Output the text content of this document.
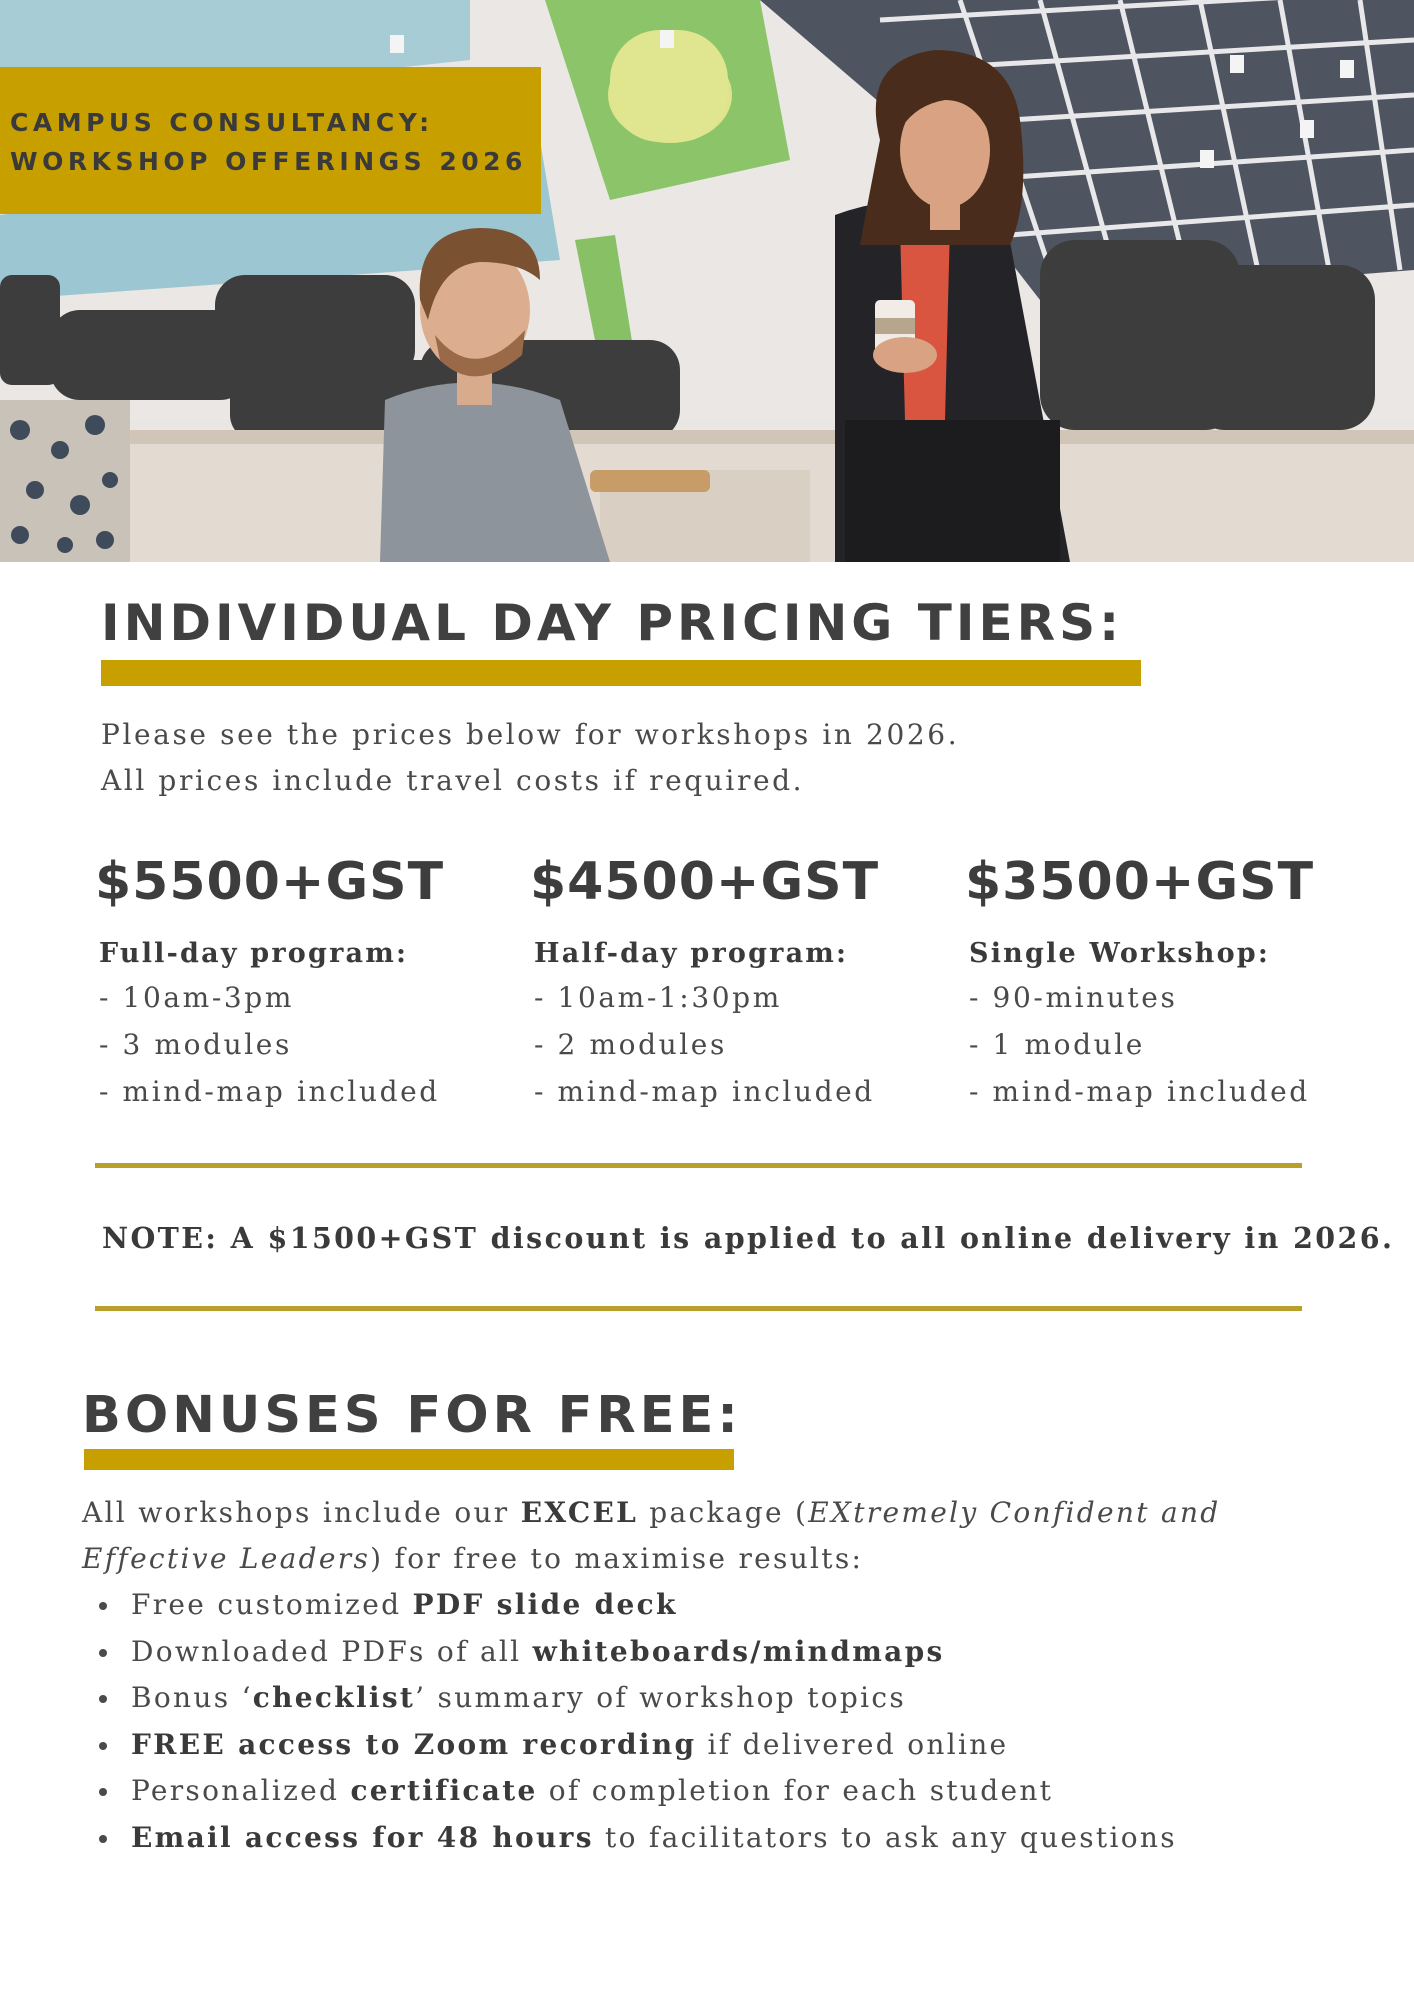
CAMPUS CONSULTANCY:
WORKSHOP OFFERINGS 2026
INDIVIDUAL DAY PRICING TIERS:
Please see the prices below for workshops in 2026.
All prices include travel costs if required.
$5500+GST
Full-day program:
- 10am-3pm
- 3 modules
- mind-map included
$4500+GST
Half-day program:
- 10am-1:30pm
- 2 modules
- mind-map included
$3500+GST
Single Workshop:
- 90-minutes
- 1 module
- mind-map included
NOTE: A $1500+GST discount is applied to all online delivery in 2026.
BONUSES FOR FREE:
All workshops include our EXCEL package (EXtremely Confident and Effective Leaders) for free to maximise results:
Free customized PDF slide deck
Downloaded PDFs of all whiteboards/mindmaps
Bonus ‘checklist’ summary of workshop topics
FREE access to Zoom recording if delivered online
Personalized certificate of completion for each student
Email access for 48 hours to facilitators to ask any questions
